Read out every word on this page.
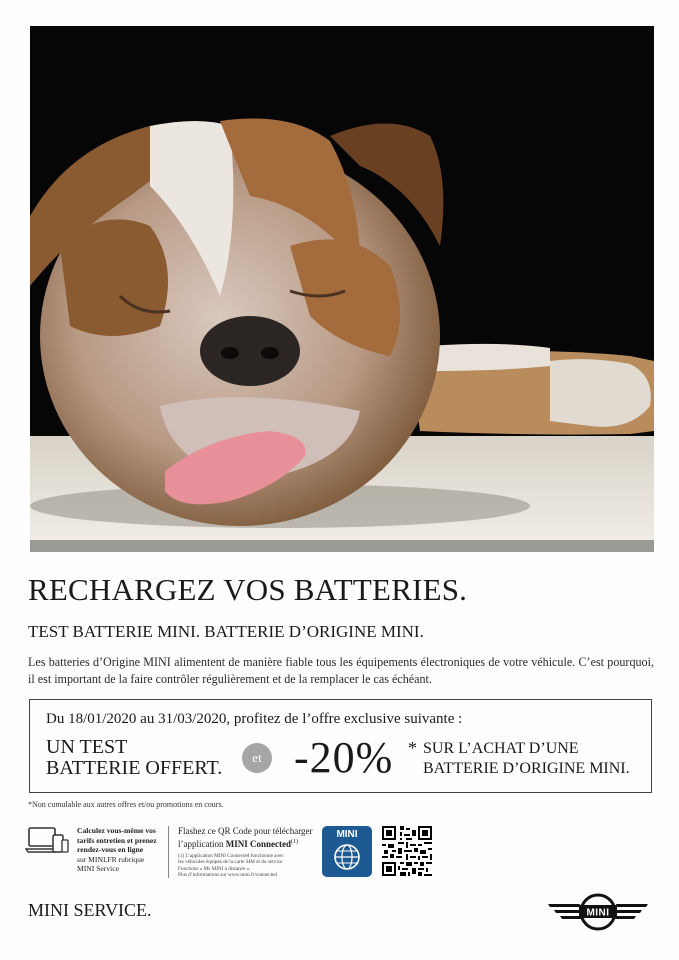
RECHARGEZ VOS BATTERIES.
TEST BATTERIE MINI. BATTERIE D’ORIGINE MINI.

Les batteries d’Origine MINI alimentent de manière fiable tous les équipements électroniques de votre véhicule. C’est pourquoi, il est important de la faire contrôler régulièrement et de la remplacer le cas échéant.

Du 18/01/2020 au 31/03/2020, profitez de l’offre exclusive suivante :
UN TEST
BATTERIE OFFERT.	et -20% * SUR L’ACHAT D’UNE
BATTERIE D’ORIGINE MINI.
*Non cumulable aux autres offres et/ou promotions en cours.
Calculez vous-même vos
tarifs entretien et prenez
rendez-vous en ligne
sur MINI.FR rubrique
MINI Service
Flashez ce QR Code pour télécharger
l’application MINI Connected$^{(1)}$
(1) L’application MINI Connected fonctionne avec
les véhicules équipés de la carte SIM et du service
Fonctions « Ms MINI à distance ».
Plus d’informations sur www.mini.fr/connected
MINI
MINI SERVICE.	MINI
